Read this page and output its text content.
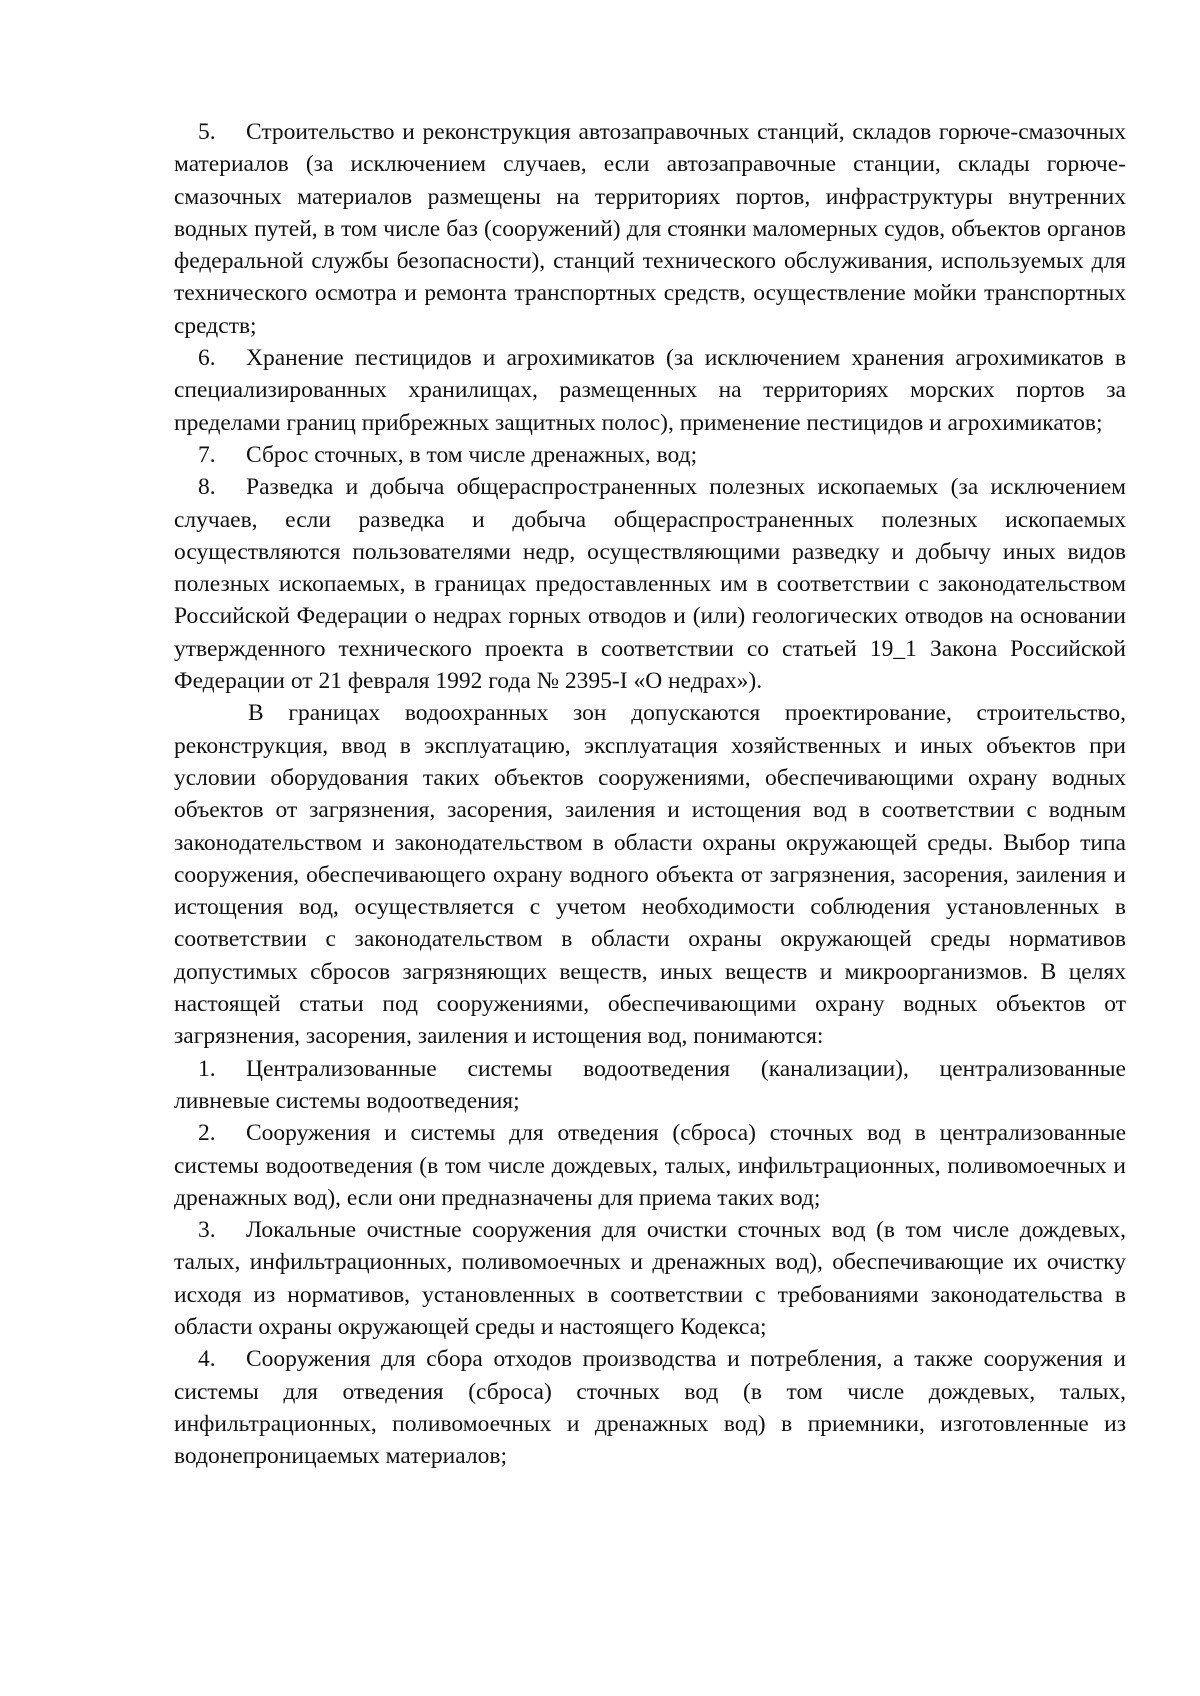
5. Строительство и реконструкция автозаправочных станций, складов горюче-смазочных материалов (за исключением случаев, если автозаправочные станции, склады горюче-смазочных материалов размещены на территориях портов, инфраструктуры внутренних водных путей, в том числе баз (сооружений) для стоянки маломерных судов, объектов органов федеральной службы безопасности), станций технического обслуживания, используемых для технического осмотра и ремонта транспортных средств, осуществление мойки транспортных средств;

6. Хранение пестицидов и агрохимикатов (за исключением хранения агрохимикатов в специализированных хранилищах, размещенных на территориях морских портов за пределами границ прибрежных защитных полос), применение пестицидов и агрохимикатов;

7. Сброс сточных, в том числе дренажных, вод;

8. Разведка и добыча общераспространенных полезных ископаемых (за исключением случаев, если разведка и добыча общераспространенных полезных ископаемых осуществляются пользователями недр, осуществляющими разведку и добычу иных видов полезных ископаемых, в границах предоставленных им в соответствии с законодательством Российской Федерации о недрах горных отводов и (или) геологических отводов на основании утвержденного технического проекта в соответствии со статьей 19_1 Закона Российской Федерации от 21 февраля 1992 года № 2395-I «О недрах»).

В границах водоохранных зон допускаются проектирование, строительство, реконструкция, ввод в эксплуатацию, эксплуатация хозяйственных и иных объектов при условии оборудования таких объектов сооружениями, обеспечивающими охрану водных объектов от загрязнения, засорения, заиления и истощения вод в соответствии с водным законодательством и законодательством в области охраны окружающей среды. Выбор типа сооружения, обеспечивающего охрану водного объекта от загрязнения, засорения, заиления и истощения вод, осуществляется с учетом необходимости соблюдения установленных в соответствии с законодательством в области охраны окружающей среды нормативов допустимых сбросов загрязняющих веществ, иных веществ и микроорганизмов. В целях настоящей статьи под сооружениями, обеспечивающими охрану водных объектов от загрязнения, засорения, заиления и истощения вод, понимаются:

1. Централизованные системы водоотведения (канализации), централизованные ливневые системы водоотведения;

2. Сооружения и системы для отведения (сброса) сточных вод в централизованные системы водоотведения (в том числе дождевых, талых, инфильтрационных, поливомоечных и дренажных вод), если они предназначены для приема таких вод;

3. Локальные очистные сооружения для очистки сточных вод (в том числе дождевых, талых, инфильтрационных, поливомоечных и дренажных вод), обеспечивающие их очистку исходя из нормативов, установленных в соответствии с требованиями законодательства в области охраны окружающей среды и настоящего Кодекса;

4. Сооружения для сбора отходов производства и потребления, а также сооружения и системы для отведения (сброса) сточных вод (в том числе дождевых, талых, инфильтрационных, поливомоечных и дренажных вод) в приемники, изготовленные из водонепроницаемых материалов;
